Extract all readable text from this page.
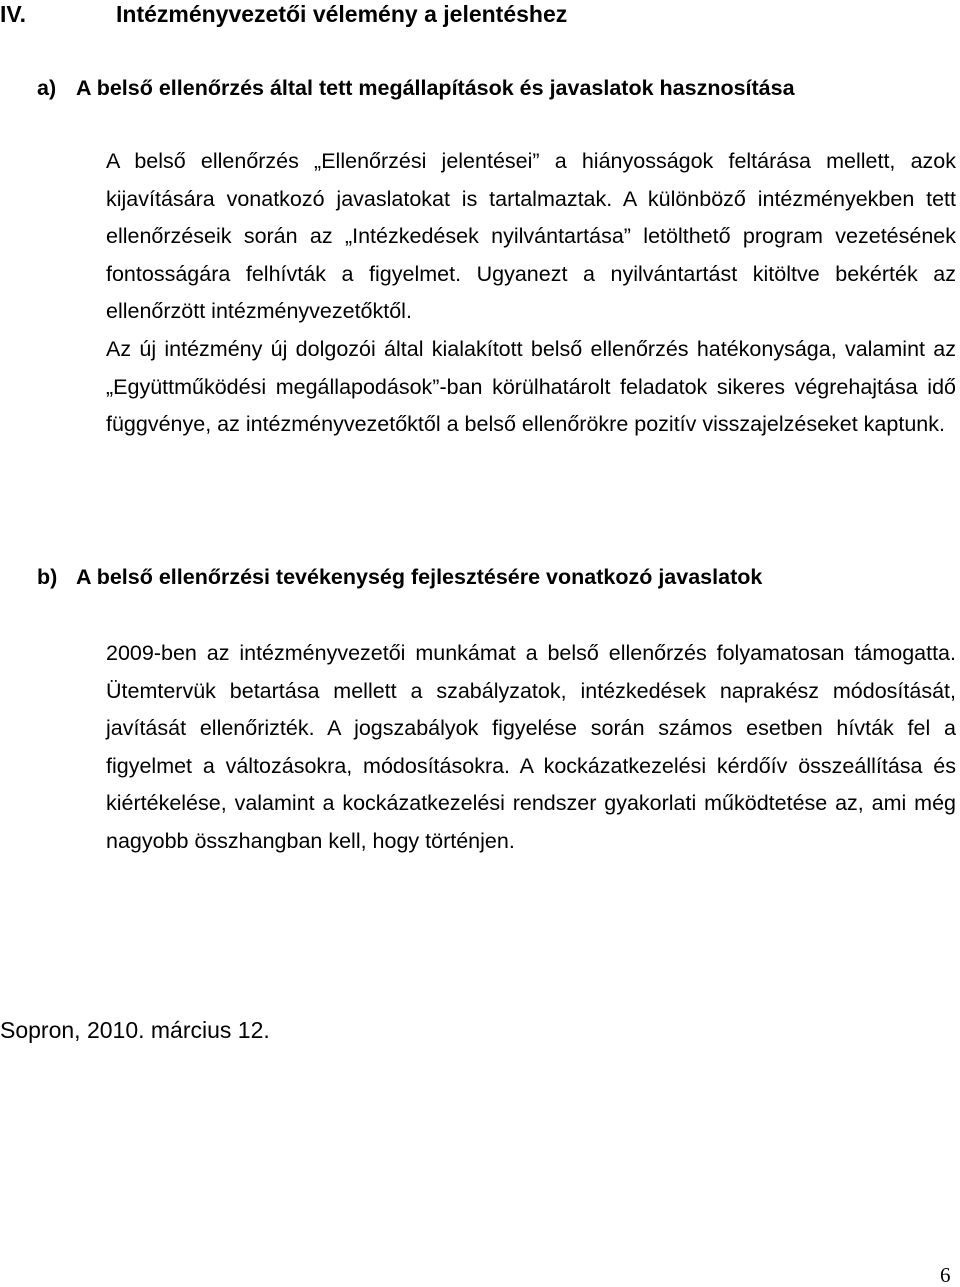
IV.	Intézményvezetői vélemény a jelentéshez
a) A belső ellenőrzés által tett megállapítások és javaslatok hasznosítása

A belső ellenőrzés „Ellenőrzési jelentései” a hiányosságok feltárása mellett, azok kijavítására vonatkozó javaslatokat is tartalmaztak. A különböző intézményekben tett ellenőrzéseik során az „Intézkedések nyilvántartása” letölthető program vezetésének fontosságára felhívták a figyelmet. Ugyanezt a nyilvántartást kitöltve bekérték az ellenőrzött intézményvezetőktől.

Az új intézmény új dolgozói által kialakított belső ellenőrzés hatékonysága, valamint az „Együttműködési megállapodások”-ban körülhatárolt feladatok sikeres végrehajtása idő függvénye, az intézményvezetőktől a belső ellenőrökre pozitív visszajelzéseket kaptunk.

b) A belső ellenőrzési tevékenység fejlesztésére vonatkozó javaslatok

2009-ben az intézményvezetői munkámat a belső ellenőrzés folyamatosan támogatta. Ütemtervük betartása mellett a szabályzatok, intézkedések naprakész módosítását, javítását ellenőrizték. A jogszabályok figyelése során számos esetben hívták fel a figyelmet a változásokra, módosításokra. A kockázatkezelési kérdőív összeállítása és kiértékelése, valamint a kockázatkezelési rendszer gyakorlati működtetése az, ami még nagyobb összhangban kell, hogy történjen.

Sopron, 2010. március 12.
6
